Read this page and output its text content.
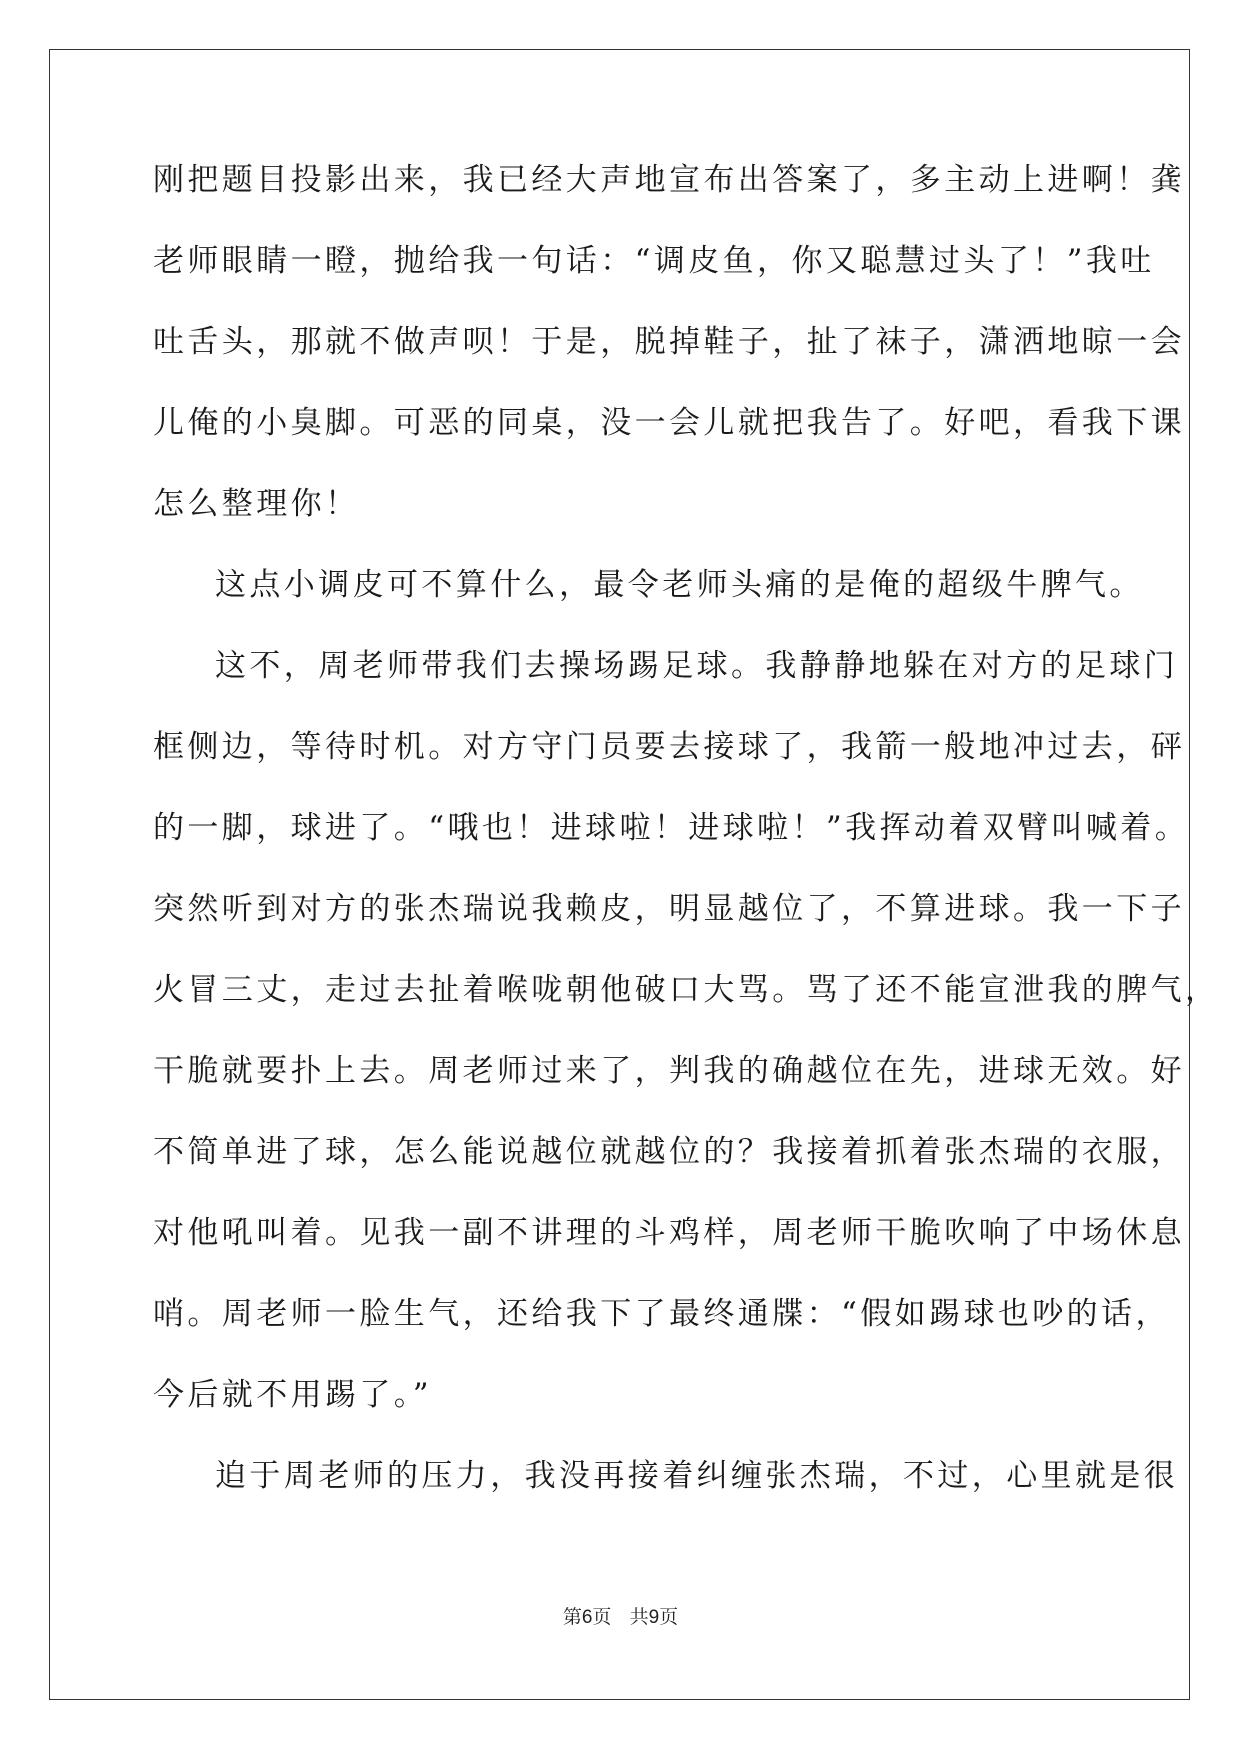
刚把题目投影出来，我已经大声地宣布出答案了，多主动上进啊！龚
老师眼睛一瞪，抛给我一句话：“调皮鱼，你又聪慧过头了！”我吐
吐舌头，那就不做声呗！于是，脱掉鞋子，扯了袜子，潇洒地晾一会
儿俺的小臭脚。可恶的同桌，没一会儿就把我告了。好吧，看我下课
怎么整理你！
这点小调皮可不算什么，最令老师头痛的是俺的超级牛脾气。
这不，周老师带我们去操场踢足球。我静静地躲在对方的足球门
框侧边，等待时机。对方守门员要去接球了，我箭一般地冲过去，砰
的一脚，球进了。“哦也！进球啦！进球啦！”我挥动着双臂叫喊着。
突然听到对方的张杰瑞说我赖皮，明显越位了，不算进球。我一下子
火冒三丈，走过去扯着喉咙朝他破口大骂。骂了还不能宣泄我的脾气，
干脆就要扑上去。周老师过来了，判我的确越位在先，进球无效。好
不简单进了球，怎么能说越位就越位的？我接着抓着张杰瑞的衣服，
对他吼叫着。见我一副不讲理的斗鸡样，周老师干脆吹响了中场休息
哨。周老师一脸生气，还给我下了最终通牒：“假如踢球也吵的话，
今后就不用踢了。”
迫于周老师的压力，我没再接着纠缠张杰瑞，不过，心里就是很
第6页 共9页
